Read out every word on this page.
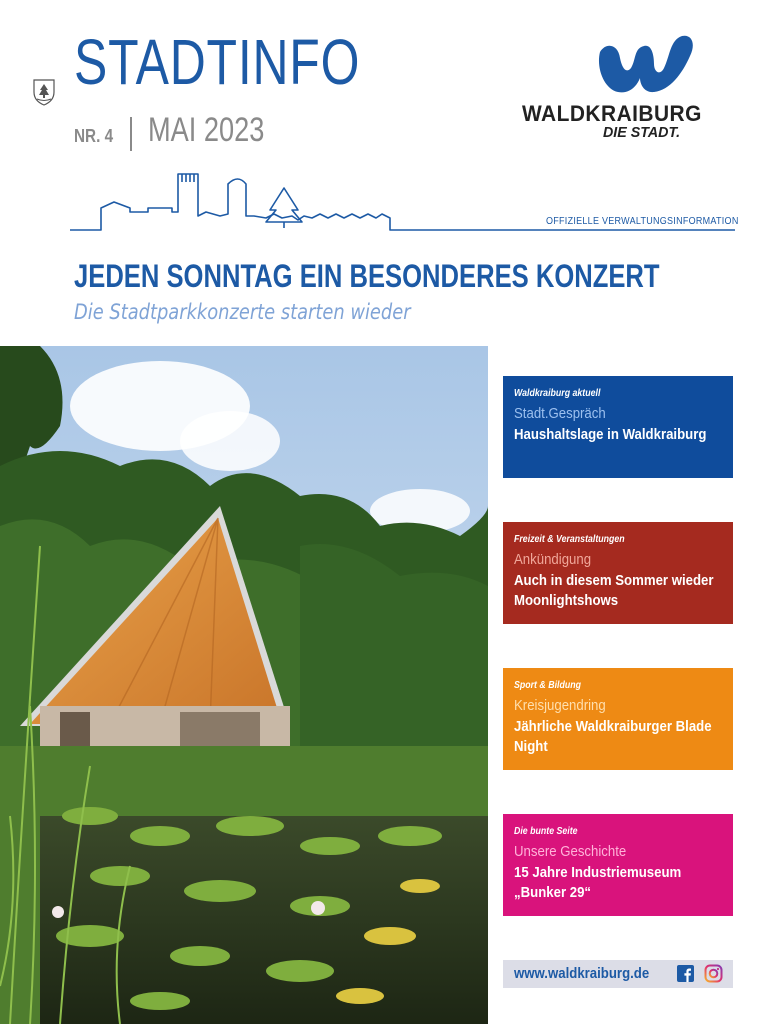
STADTINFO
NR. 4 MAI 2023	WALDKRAIBURG
DIE STADT.
OFFIZIELLE VERWALTUNGSINFORMATION
JEDEN SONNTAG EIN BESONDERES KONZERT
Die Stadtparkkonzerte starten wieder
Waldkraiburg aktuell
Stadt.Gespräch
Haushaltslage in Waldkraiburg
Freizeit & Veranstaltungen
Ankündigung
Auch in diesem Sommer wieder Moonlightshows
Sport & Bildung
Kreisjugendring
Jährliche Waldkraiburger Blade Night
Die bunte Seite
Unsere Geschichte
15 Jahre Industriemuseum „Bunker 29“
www.waldkraiburg.de
